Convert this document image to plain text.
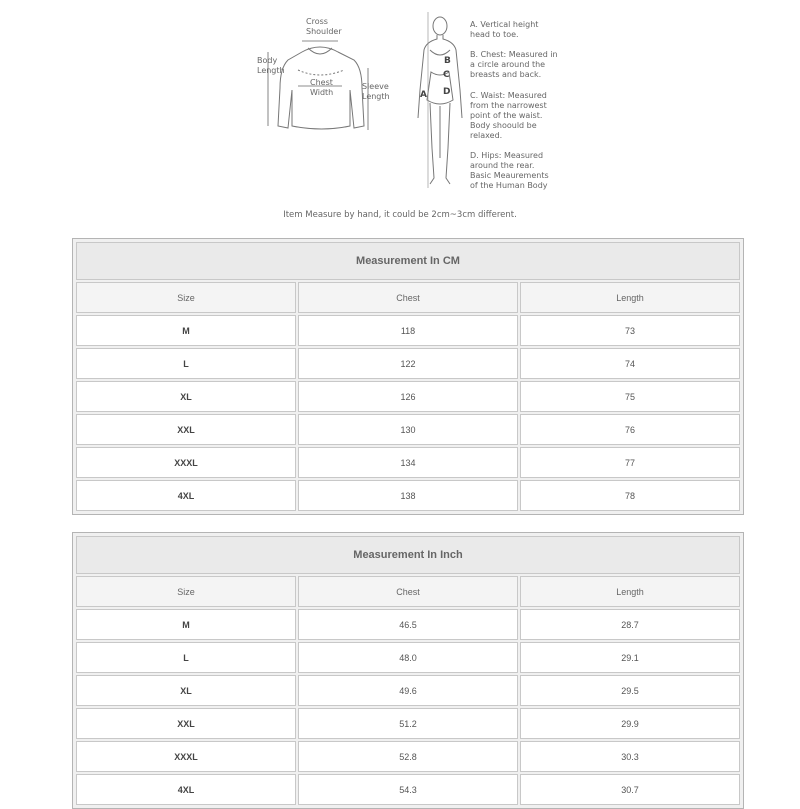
Cross
Shoulder
Body
Length
Chest
Width
Sleeve
Length	A
B
C
D
A. Vertical height head to toe.
B. Chest: Measured in a circle around the breasts and back.
C. Waist: Measured from the narrowest point of the waist. Body shoould be relaxed.
D. Hips: Measured around the rear. Basic Meaurements of the Human Body
Item Measure by hand, it could be 2cm~3cm different.
Measurement In CM		
Size	Chest	Length
M	118	73
L	122	74
XL	126	75
XXL	130	76
XXXL	134	77
4XL	138	78
Measurement In Inch		
Size	Chest	Length
M	46.5	28.7
L	48.0	29.1
XL	49.6	29.5
XXL	51.2	29.9
XXXL	52.8	30.3
4XL	54.3	30.7
